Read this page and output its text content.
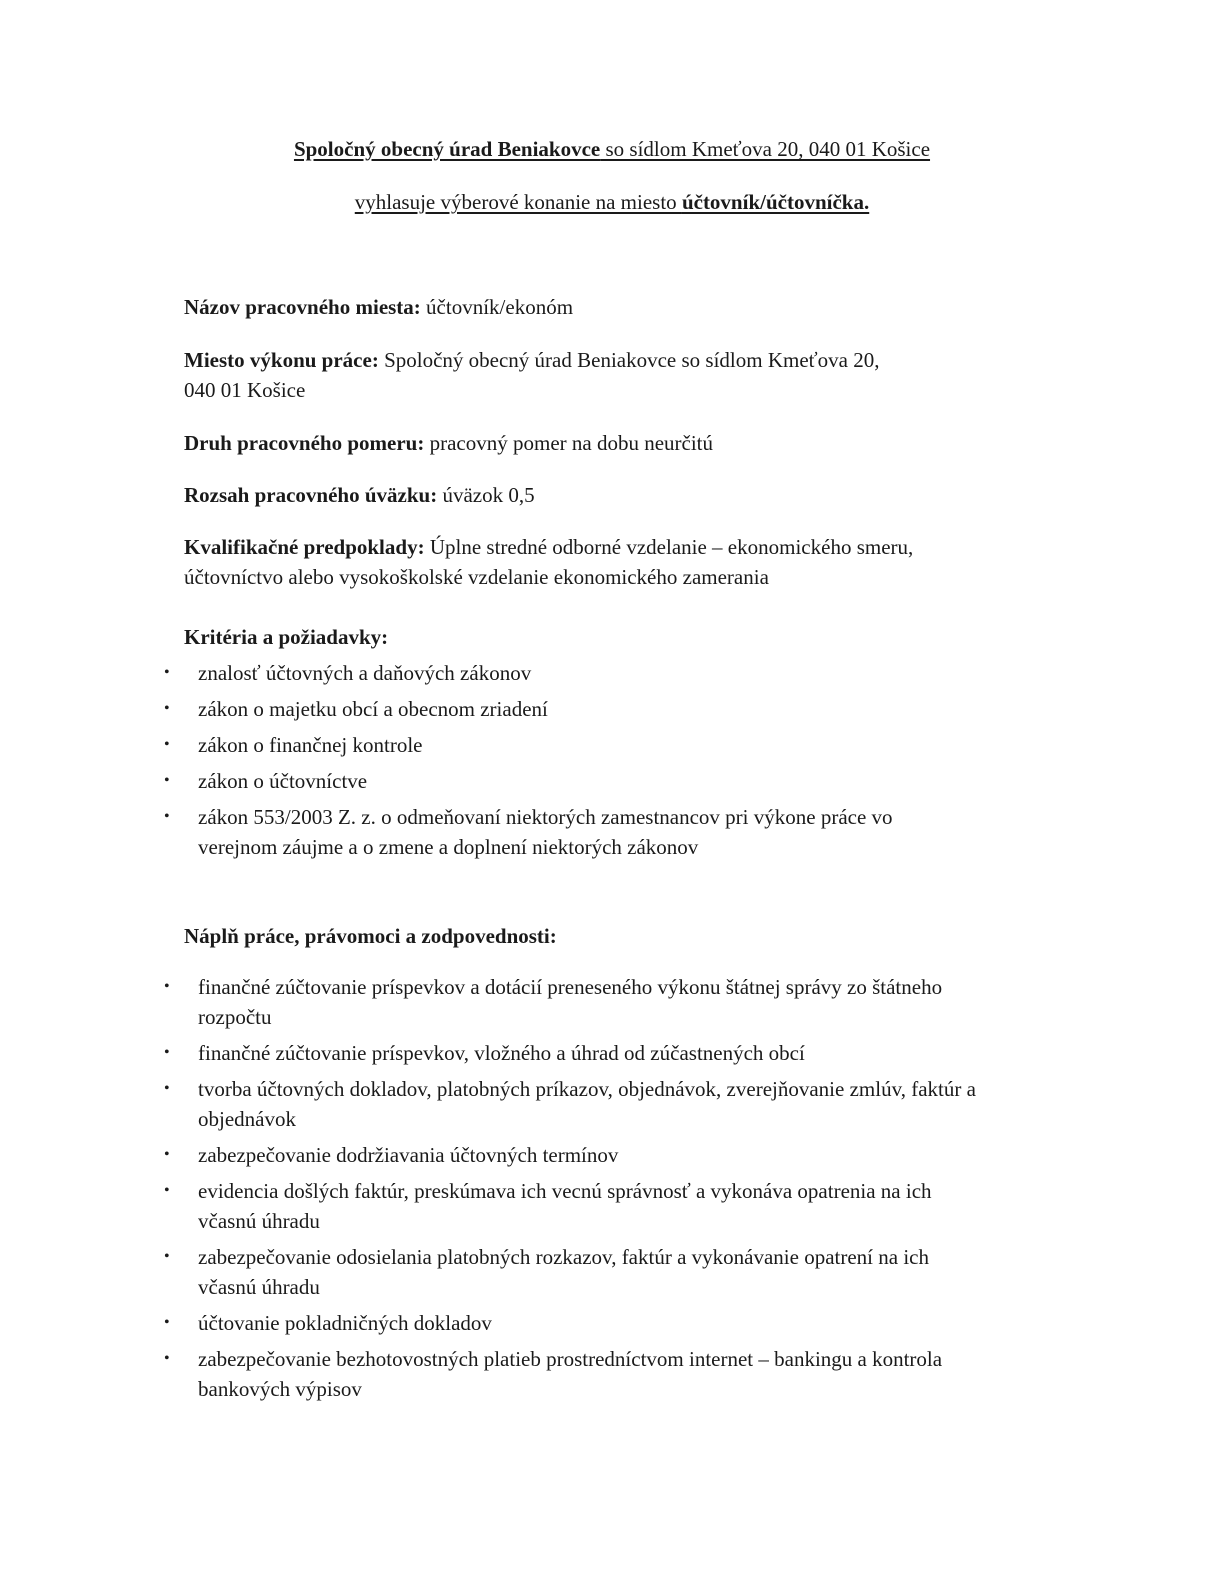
Spoločný obecný úrad Beniakovce so sídlom Kmeťova 20, 040 01 Košice
vyhlasuje výberové konanie na miesto účtovník/účtovníčka.
Názov pracovného miesta: účtovník/ekonóm
Miesto výkonu práce: Spoločný obecný úrad Beniakovce so sídlom Kmeťova 20,
040 01 Košice
Druh pracovného pomeru: pracovný pomer na dobu neurčitú
Rozsah pracovného úväzku: úväzok 0,5
Kvalifikačné predpoklady: Úplne stredné odborné vzdelanie – ekonomického smeru,
účtovníctvo alebo vysokoškolské vzdelanie ekonomického zamerania
Kritéria a požiadavky:
• znalosť účtovných a daňových zákonov
• zákon o majetku obcí a obecnom zriadení
• zákon o finančnej kontrole
• zákon o účtovníctve
• zákon 553/2003 Z. z. o odmeňovaní niektorých zamestnancov pri výkone práce vo verejnom záujme a o zmene a doplnení niektorých zákonov
Náplň práce, právomoci a zodpovednosti:
• finančné zúčtovanie príspevkov a dotácií preneseného výkonu štátnej správy zo štátneho rozpočtu
• finančné zúčtovanie príspevkov, vložného a úhrad od zúčastnených obcí
• tvorba účtovných dokladov, platobných príkazov, objednávok, zverejňovanie zmlúv, faktúr a objednávok
• zabezpečovanie dodržiavania účtovných termínov
• evidencia došlých faktúr, preskúmava ich vecnú správnosť a vykonáva opatrenia na ich včasnú úhradu
• zabezpečovanie odosielania platobných rozkazov, faktúr a vykonávanie opatrení na ich včasnú úhradu
• účtovanie pokladničných dokladov
• zabezpečovanie bezhotovostných platieb prostredníctvom internet – bankingu a kontrola bankových výpisov
